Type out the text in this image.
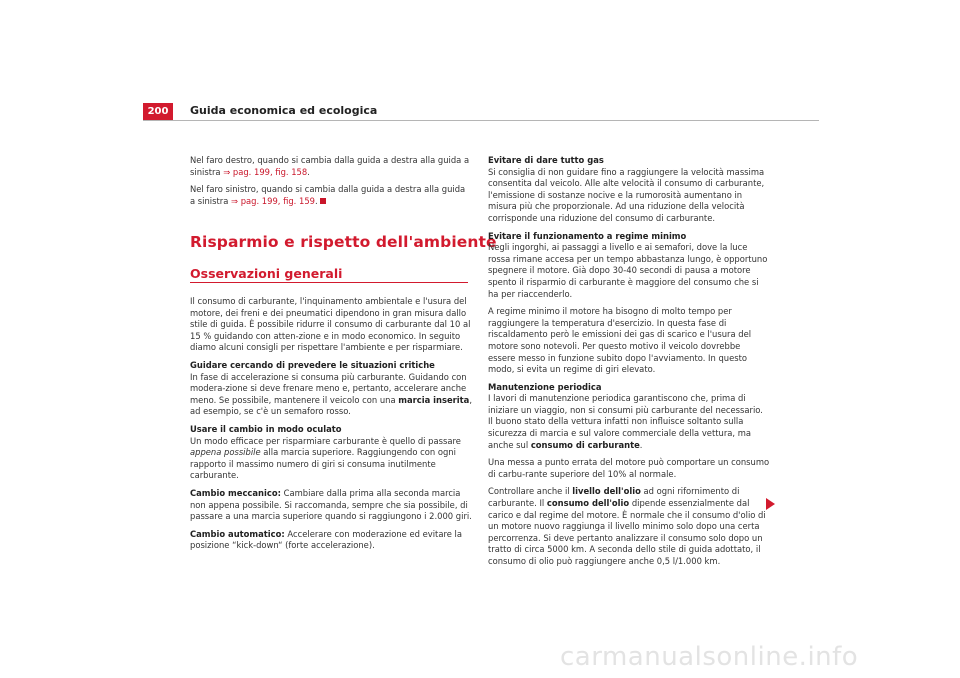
200	Guida economica ed ecologica

Nel faro destro, quando si cambia dalla guida a destra alla guida a sinistra ⇒ pag. 199, fig. 158.

Nel faro sinistro, quando si cambia dalla guida a destra alla guida a sinistra ⇒ pag. 199, fig. 159.

Risparmio e rispetto dell'ambiente
Osservazioni generali

Il consumo di carburante, l'inquinamento ambientale e l'usura del motore, dei freni e dei pneumatici dipendono in gran misura dallo stile di guida. È possibile ridurre il consumo di carburante dal 10 al 15 % guidando con atten-zione e in modo economico. In seguito diamo alcuni consigli per rispettare l'ambiente e per risparmiare.

Guidare cercando di prevedere le situazioni critiche
In fase di accelerazione si consuma più carburante. Guidando con modera-zione si deve frenare meno e, pertanto, accelerare anche meno. Se possibile, mantenere il veicolo con una marcia inserita, ad esempio, se c'è un semaforo rosso.

Usare il cambio in modo oculato
Un modo efficace per risparmiare carburante è quello di passare appena possibile alla marcia superiore. Raggiungendo con ogni rapporto il massimo numero di giri si consuma inutilmente carburante.

Cambio meccanico: Cambiare dalla prima alla seconda marcia non appena possibile. Si raccomanda, sempre che sia possibile, di passare a una marcia superiore quando si raggiungono i 2.000 giri.

Cambio automatico: Accelerare con moderazione ed evitare la posizione “kick-down“ (forte accelerazione).

Evitare di dare tutto gas
Si consiglia di non guidare fino a raggiungere la velocità massima consentita dal veicolo. Alle alte velocità il consumo di carburante, l'emissione di sostanze nocive e la rumorosità aumentano in misura più che proporzionale. Ad una riduzione della velocità corrisponde una riduzione del consumo di carburante.

Evitare il funzionamento a regime minimo
Negli ingorghi, ai passaggi a livello e ai semafori, dove la luce rossa rimane accesa per un tempo abbastanza lungo, è opportuno spegnere il motore. Già dopo 30-40 secondi di pausa a motore spento il risparmio di carburante è maggiore del consumo che si ha per riaccenderlo.

A regime minimo il motore ha bisogno di molto tempo per raggiungere la temperatura d'esercizio. In questa fase di riscaldamento però le emissioni dei gas di scarico e l'usura del motore sono notevoli. Per questo motivo il veicolo dovrebbe essere messo in funzione subito dopo l'avviamento. In questo modo, si evita un regime di giri elevato.

Manutenzione periodica
I lavori di manutenzione periodica garantiscono che, prima di iniziare un viaggio, non si consumi più carburante del necessario. Il buono stato della vettura infatti non influisce soltanto sulla sicurezza di marcia e sul valore commerciale della vettura, ma anche sul consumo di carburante.

Una messa a punto errata del motore può comportare un consumo di carbu-rante superiore del 10% al normale.

Controllare anche il livello dell'olio ad ogni rifornimento di carburante. Il consumo dell'olio dipende essenzialmente dal carico e dal regime del motore. È normale che il consumo d'olio di un motore nuovo raggiunga il livello minimo solo dopo una certa percorrenza. Si deve pertanto analizzare il consumo solo dopo un tratto di circa 5000 km. A seconda dello stile di guida adottato, il consumo di olio può raggiungere anche 0,5 l/1.000 km.

carmanualsonline.info
